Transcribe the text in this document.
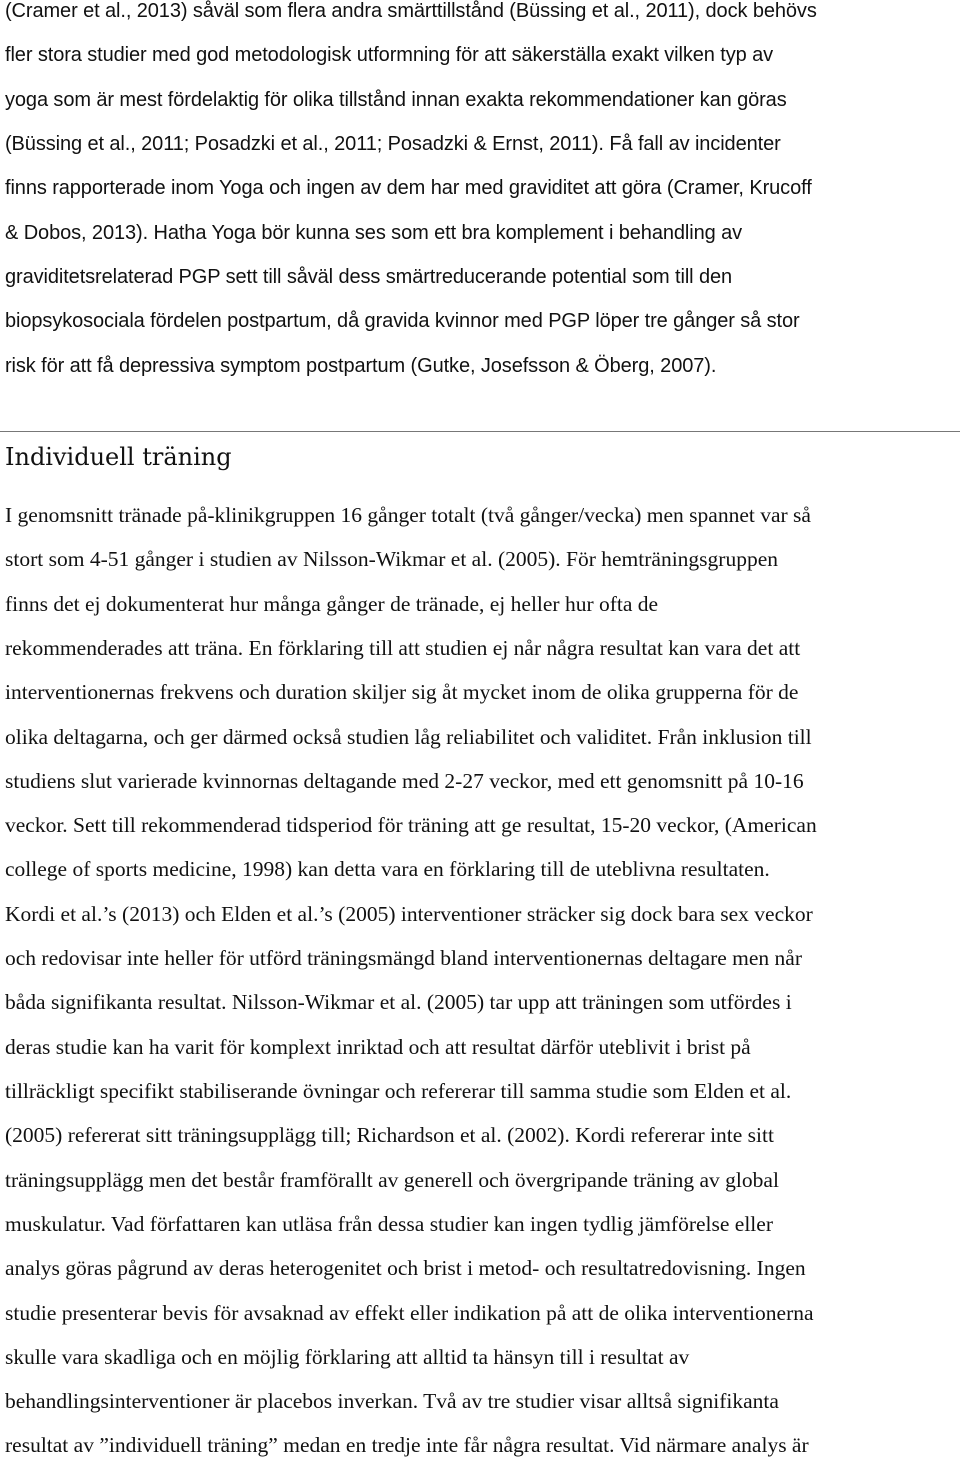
(Cramer et al., 2013) såväl som flera andra smärttillstånd (Büssing et al., 2011), dock behövs
fler stora studier med god metodologisk utformning för att säkerställa exakt vilken typ av
yoga som är mest fördelaktig för olika tillstånd innan exakta rekommendationer kan göras
(Büssing et al., 2011; Posadzki et al., 2011; Posadzki & Ernst, 2011). Få fall av incidenter
finns rapporterade inom Yoga och ingen av dem har med graviditet att göra (Cramer, Krucoff
& Dobos, 2013). Hatha Yoga bör kunna ses som ett bra komplement i behandling av
graviditetsrelaterad PGP sett till såväl dess smärtreducerande potential som till den
biopsykosociala fördelen postpartum, då gravida kvinnor med PGP löper tre gånger så stor
risk för att få depressiva symptom postpartum (Gutke, Josefsson & Öberg, 2007).
Individuell träning
I genomsnitt tränade på-klinikgruppen 16 gånger totalt (två gånger/vecka) men spannet var så
stort som 4-51 gånger i studien av Nilsson-Wikmar et al. (2005). För hemträningsgruppen
finns det ej dokumenterat hur många gånger de tränade, ej heller hur ofta de
rekommenderades att träna. En förklaring till att studien ej når några resultat kan vara det att
interventionernas frekvens och duration skiljer sig åt mycket inom de olika grupperna för de
olika deltagarna, och ger därmed också studien låg reliabilitet och validitet. Från inklusion till
studiens slut varierade kvinnornas deltagande med 2-27 veckor, med ett genomsnitt på 10-16
veckor. Sett till rekommenderad tidsperiod för träning att ge resultat, 15-20 veckor, (American
college of sports medicine, 1998) kan detta vara en förklaring till de uteblivna resultaten.
Kordi et al.’s (2013) och Elden et al.’s (2005) interventioner sträcker sig dock bara sex veckor
och redovisar inte heller för utförd träningsmängd bland interventionernas deltagare men når
båda signifikanta resultat. Nilsson-Wikmar et al. (2005) tar upp att träningen som utfördes i
deras studie kan ha varit för komplext inriktad och att resultat därför uteblivit i brist på
tillräckligt specifikt stabiliserande övningar och refererar till samma studie som Elden et al.
(2005) refererat sitt träningsupplägg till; Richardson et al. (2002). Kordi refererar inte sitt
träningsupplägg men det består framförallt av generell och övergripande träning av global
muskulatur. Vad författaren kan utläsa från dessa studier kan ingen tydlig jämförelse eller
analys göras pågrund av deras heterogenitet och brist i metod- och resultatredovisning. Ingen
studie presenterar bevis för avsaknad av effekt eller indikation på att de olika interventionerna
skulle vara skadliga och en möjlig förklaring att alltid ta hänsyn till i resultat av
behandlingsinterventioner är placebos inverkan. Två av tre studier visar alltså signifikanta
resultat av ”individuell träning” medan en tredje inte får några resultat. Vid närmare analys är
